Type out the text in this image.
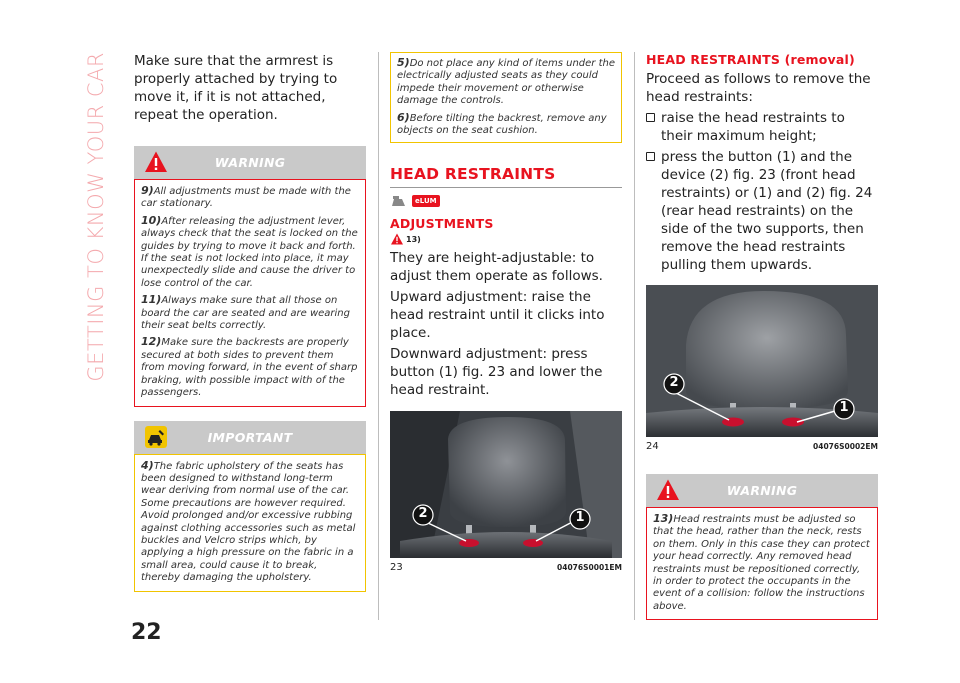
GETTING TO KNOW YOUR CAR
22

Make sure that the armrest is properly attached by trying to move it, if it is not attached, repeat the operation.

WARNING

9)All adjustments must be made with the car stationary.

10)After releasing the adjustment lever, always check that the seat is locked on the guides by trying to move it back and forth. If the seat is not locked into place, it may unexpectedly slide and cause the driver to lose control of the car.

11)Always make sure that all those on board the car are seated and are wearing their seat belts correctly.

12)Make sure the backrests are properly secured at both sides to prevent them from moving forward, in the event of sharp braking, with possible impact with of the passengers.

IMPORTANT

4)The fabric upholstery of the seats has been designed to withstand long-term wear deriving from normal use of the car. Some precautions are however required. Avoid prolonged and/or excessive rubbing against clothing accessories such as metal buckles and Velcro strips which, by applying a high pressure on the fabric in a small area, could cause it to break, thereby damaging the upholstery.

5)Do not place any kind of items under the electrically adjusted seats as they could impede their movement or otherwise damage the controls.

6)Before tilting the backrest, remove any objects on the seat cushion.

HEAD RESTRAINTS
eLUM
ADJUSTMENTS
13)

They are height-adjustable: to adjust them operate as follows.

Upward adjustment: raise the head restraint until it clicks into place.

Downward adjustment: press button (1) fig. 23 and lower the head restraint.

2	1
23	04076S0001EM
HEAD RESTRAINTS (removal)

Proceed as follows to remove the head restraints:

raise the head restraints to their maximum height;
press the button (1) and the device (2) fig. 23 (front head restraints) or (1) and (2) fig. 24 (rear head restraints) on the side of the two supports, then remove the head restraints pulling them upwards.
2
1
24	04076S0002EM
WARNING

13)Head restraints must be adjusted so that the head, rather than the neck, rests on them. Only in this case they can protect your head correctly. Any removed head restraints must be repositioned correctly, in order to protect the occupants in the event of a collision: follow the instructions above.
